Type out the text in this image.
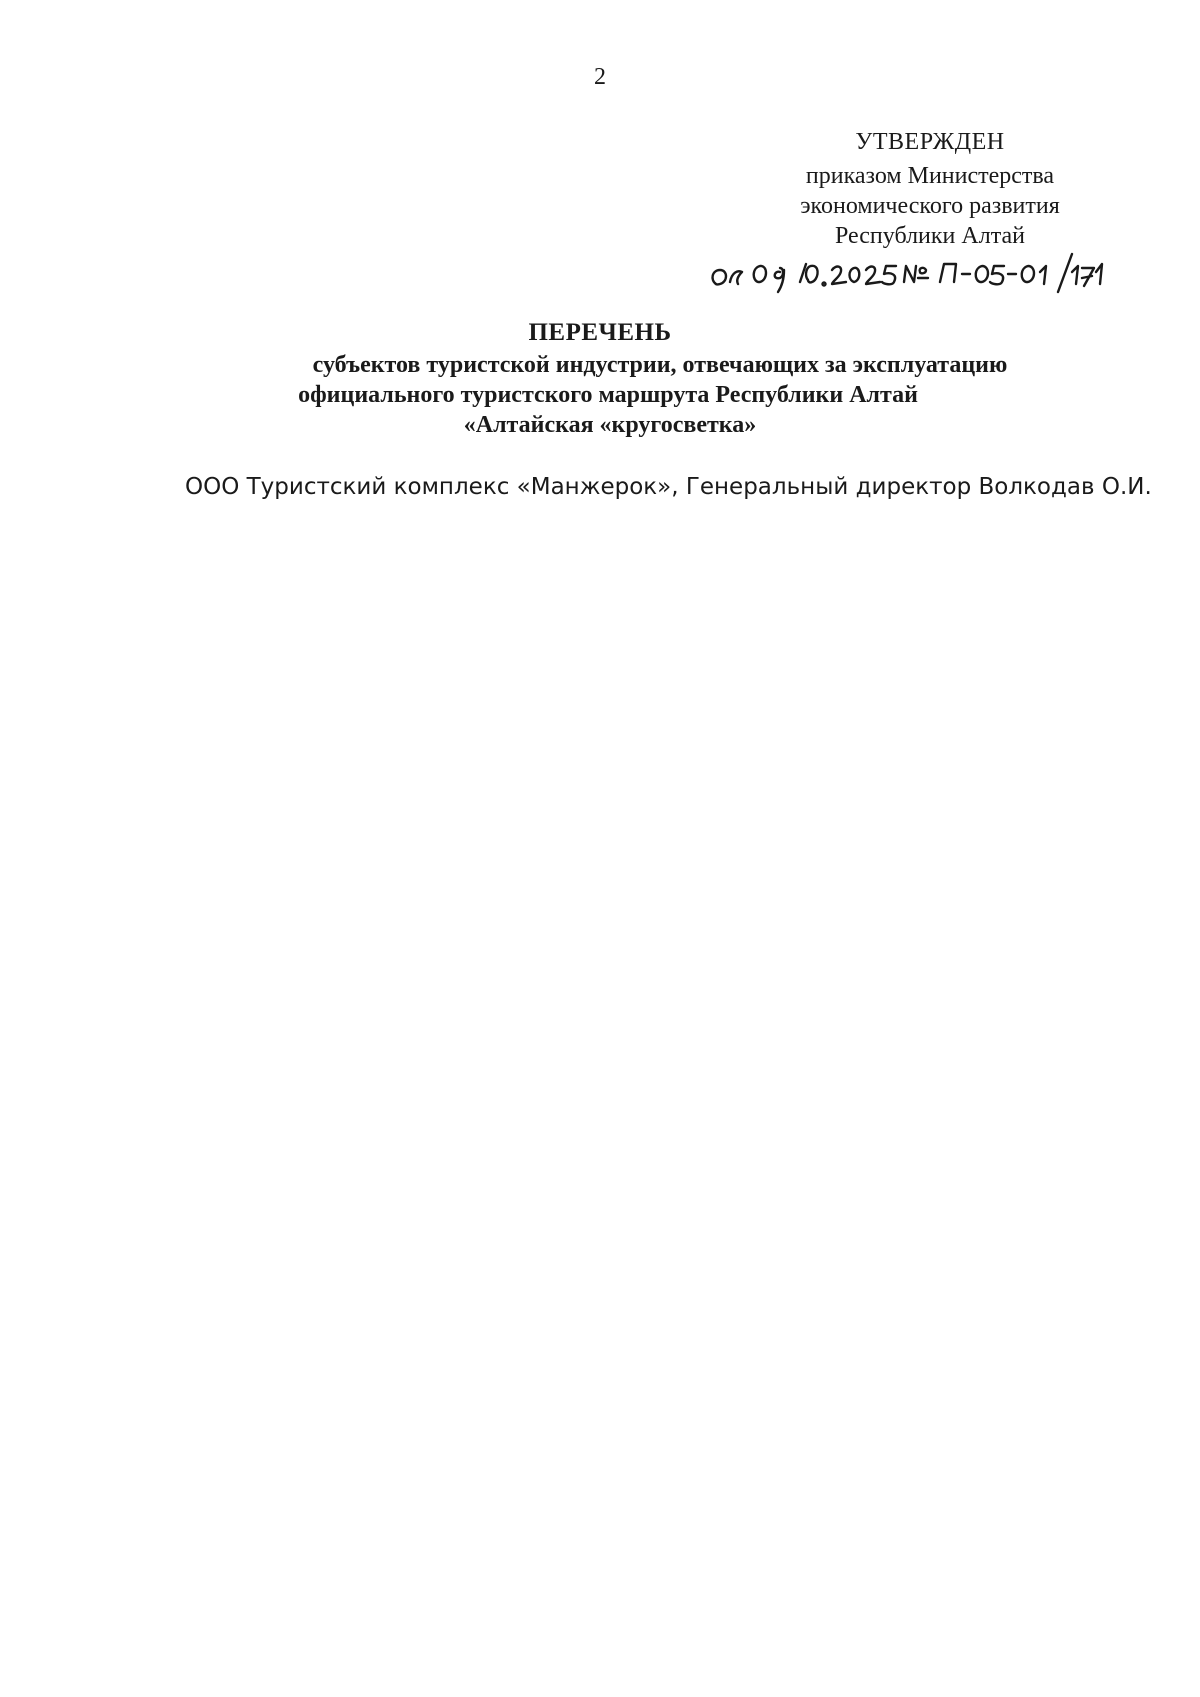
2
УТВЕРЖДЕН
приказом Министерства
экономического развития
Республики Алтай
ПЕРЕЧЕНЬ
субъектов туристской индустрии, отвечающих за эксплуатацию
официального туристского маршрута Республики Алтай
«Алтайская «кругосветка»
ООО Туристский комплекс «Манжерок», Генеральный директор Волкодав О.И.
